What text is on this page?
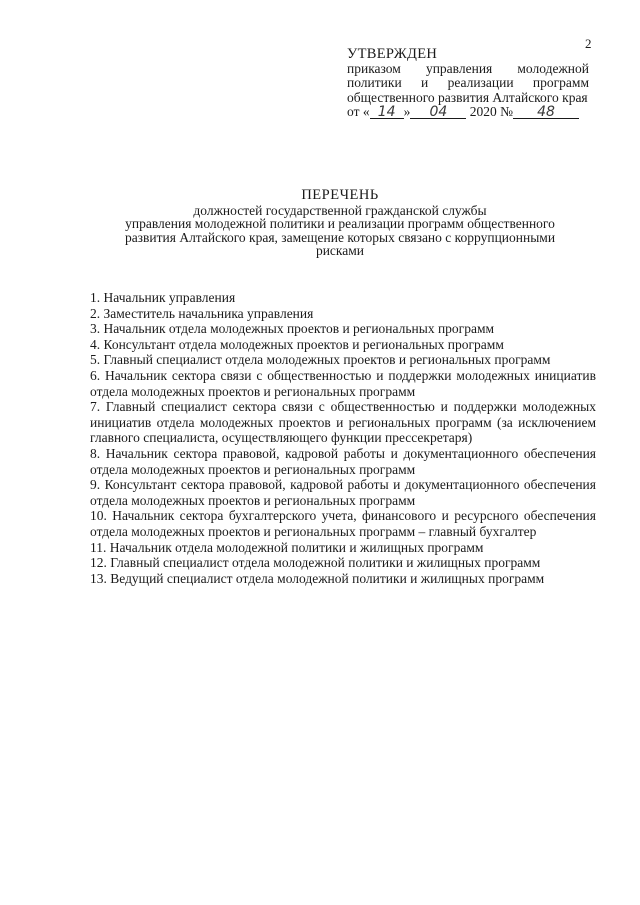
2
УТВЕРЖДЕН
приказом управления молодежной политики и реализации программ общественного развития Алтайского края
от « 14 » 04 2020 № 48
ПЕРЕЧЕНЬ
должностей государственной гражданской службы
управления молодежной политики и реализации программ общественного
развития Алтайского края, замещение которых связано с коррупционными
рисками
1. Начальник управления
2. Заместитель начальника управления
3. Начальник отдела молодежных проектов и региональных программ
4. Консультант отдела молодежных проектов и региональных программ
5. Главный специалист отдела молодежных проектов и региональных программ
6. Начальник сектора связи с общественностью и поддержки молодежных инициатив отдела молодежных проектов и региональных программ
7. Главный специалист сектора связи с общественностью и поддержки молодежных инициатив отдела молодежных проектов и региональных программ (за исключением главного специалиста, осуществляющего функции прессекретаря)
8. Начальник сектора правовой, кадровой работы и документационного обеспечения отдела молодежных проектов и региональных программ
9. Консультант сектора правовой, кадровой работы и документационного обеспечения отдела молодежных проектов и региональных программ
10. Начальник сектора бухгалтерского учета, финансового и ресурсного обеспечения отдела молодежных проектов и региональных программ – главный бухгалтер
11. Начальник отдела молодежной политики и жилищных программ
12. Главный специалист отдела молодежной политики и жилищных программ
13. Ведущий специалист отдела молодежной политики и жилищных программ
